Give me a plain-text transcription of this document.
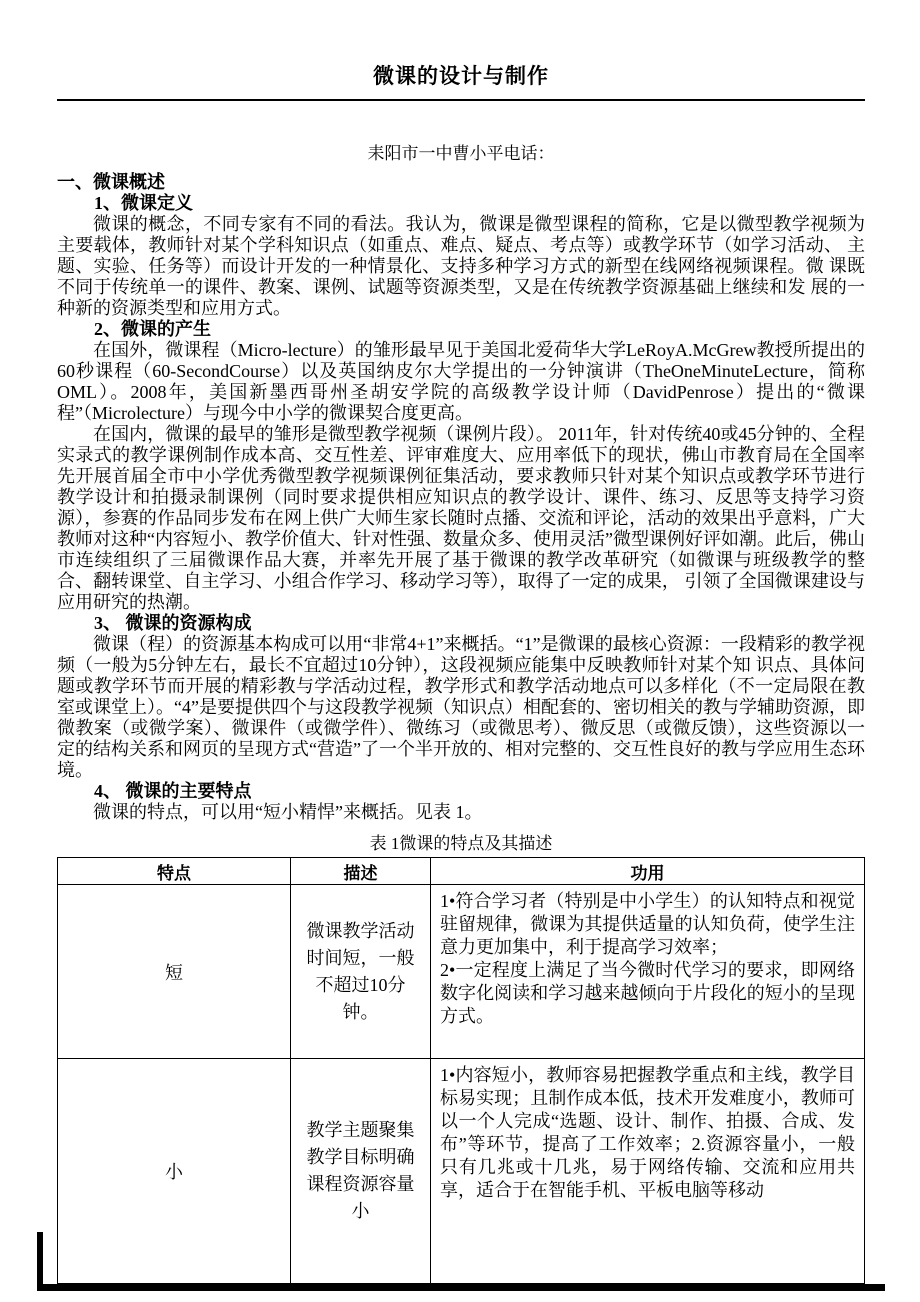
微课的设计与制作

耒阳市一中曹小平电话：

一、微课概述
1、微课定义

微课的概念，不同专家有不同的看法。我认为，微课是微型课程的简称，它是以微型教学视频为主要载体，教师针对某个学科知识点（如重点、难点、疑点、考点等）或教学环节（如学习活动、 主题、实验、任务等）而设计开发的一种情景化、支持多种学习方式的新型在线网络视频课程。微 课既不同于传统单一的课件、教案、课例、试题等资源类型，又是在传统教学资源基础上继续和发 展的一种新的资源类型和应用方式。

2、微课的产生

在国外，微课程（Micro-lecture）的雏形最早见于美国北爱荷华大学LeRoyA.McGrew教授所提出的60秒课程（60-SecondCourse）以及英国纳皮尔大学提出的一分钟演讲（TheOneMinuteLecture，简称OML）。2008年，美国新墨西哥州圣胡安学院的高级教学设计师（DavidPenrose）提出的“微课程”（Microlecture）与现今中小学的微课契合度更高。

在国内，微课的最早的雏形是微型教学视频（课例片段）。 2011年，针对传统40或45分钟的、全程实录式的教学课例制作成本高、交互性差、评审难度大、应用率低下的现状，佛山市教育局在全国率先开展首届全市中小学优秀微型教学视频课例征集活动，要求教师只针对某个知识点或教学环节进行教学设计和拍摄录制课例（同时要求提供相应知识点的教学设计、课件、练习、反思等支持学习资源），参赛的作品同步发布在网上供广大师生家长随时点播、交流和评论，活动的效果出乎意料，广大教师对这种“内容短小、教学价值大、针对性强、数量众多、使用灵活”微型课例好评如潮。此后，佛山市连续组织了三届微课作品大赛，并率先开展了基于微课的教学改革研究（如微课与班级教学的整合、翻转课堂、自主学习、小组合作学习、移动学习等），取得了一定的成果， 引领了全国微课建设与应用研究的热潮。

3、 微课的资源构成

微课（程）的资源基本构成可以用“非常4+1”来概括。“1”是微课的最核心资源：一段精彩的教学视频（一般为5分钟左右，最长不宜超过10分钟），这段视频应能集中反映教师针对某个知 识点、具体问题或教学环节而开展的精彩教与学活动过程，教学形式和教学活动地点可以多样化（不一定局限在教室或课堂上）。“4”是要提供四个与这段教学视频（知识点）相配套的、密切相关的教与学辅助资源，即微教案（或微学案）、微课件（或微学件）、微练习（或微思考）、微反思（或微反馈），这些资源以一定的结构关系和网页的呈现方式“营造”了一个半开放的、相对完整的、交互性良好的教与学应用生态环境。

4、 微课的主要特点

微课的特点，可以用“短小精悍”来概括。见表 1。

表 1微课的特点及其描述

特点	描述	功用
短	微课教学活动时间短，一般不超过10分钟。	1•符合学习者（特别是中小学生）的认知特点和视觉驻留规律，微课为其提供适量的认知负荷，使学生注意力更加集中，利于提高学习效率；

2•一定程度上满足了当今微时代学习的要求，即网络数字化阅读和学习越来越倾向于片段化的短小的呈现方式。

小	教学主题聚集 教学目标明确 课程资源容量小	1•内容短小，教师容易把握教学重点和主线，教学目标易实现；且制作成本低，技术开发难度小，教师可以一个人完成“选题、设计、制作、拍摄、合成、发布”等环节，提高了工作效率；2.资源容量小，一般只有几兆或十几兆，易于网络传输、交流和应用共享，适合于在智能手机、平板电脑等移动
